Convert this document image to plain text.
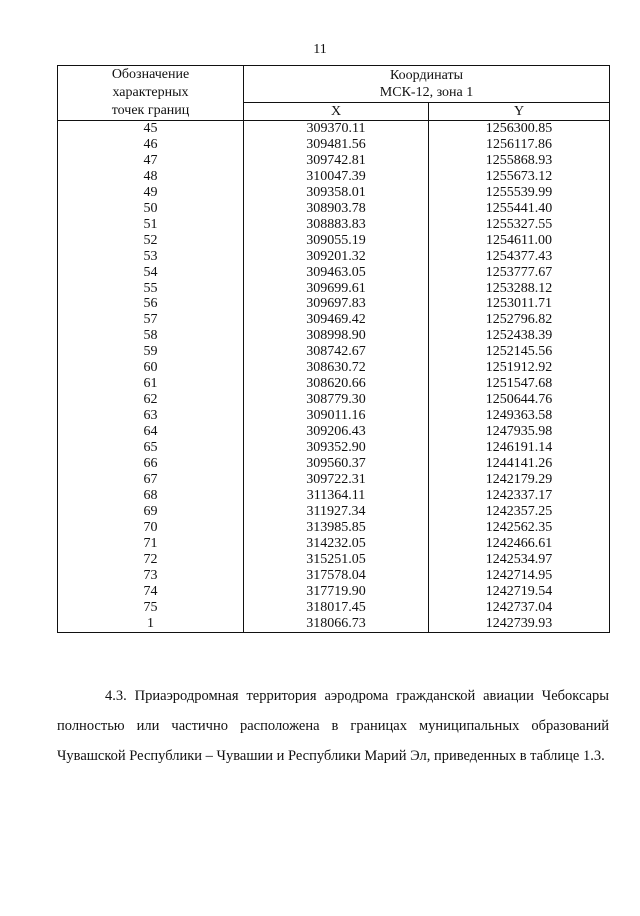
11
Обозначение
характерных
точек границ	Координаты
МСК-12, зона 1	

	X	Y
45	309370.11	1256300.85
46	309481.56	1256117.86
47	309742.81	1255868.93
48	310047.39	1255673.12
49	309358.01	1255539.99
50	308903.78	1255441.40
51	308883.83	1255327.55
52	309055.19	1254611.00
53	309201.32	1254377.43
54	309463.05	1253777.67
55	309699.61	1253288.12
56	309697.83	1253011.71
57	309469.42	1252796.82
58	308998.90	1252438.39
59	308742.67	1252145.56
60	308630.72	1251912.92
61	308620.66	1251547.68
62	308779.30	1250644.76
63	309011.16	1249363.58
64	309206.43	1247935.98
65	309352.90	1246191.14
66	309560.37	1244141.26
67	309722.31	1242179.29
68	311364.11	1242337.17
69	311927.34	1242357.25
70	313985.85	1242562.35
71	314232.05	1242466.61
72	315251.05	1242534.97
73	317578.04	1242714.95
74	317719.90	1242719.54
75	318017.45	1242737.04
1	318066.73	1242739.93
4.3. Приаэродромная территория аэродрома гражданской авиации Чебоксары полностью или частично расположена в границах муниципальных образований Чувашской Республики – Чувашии и Республики Марий Эл, приведенных в таблице 1.3.
